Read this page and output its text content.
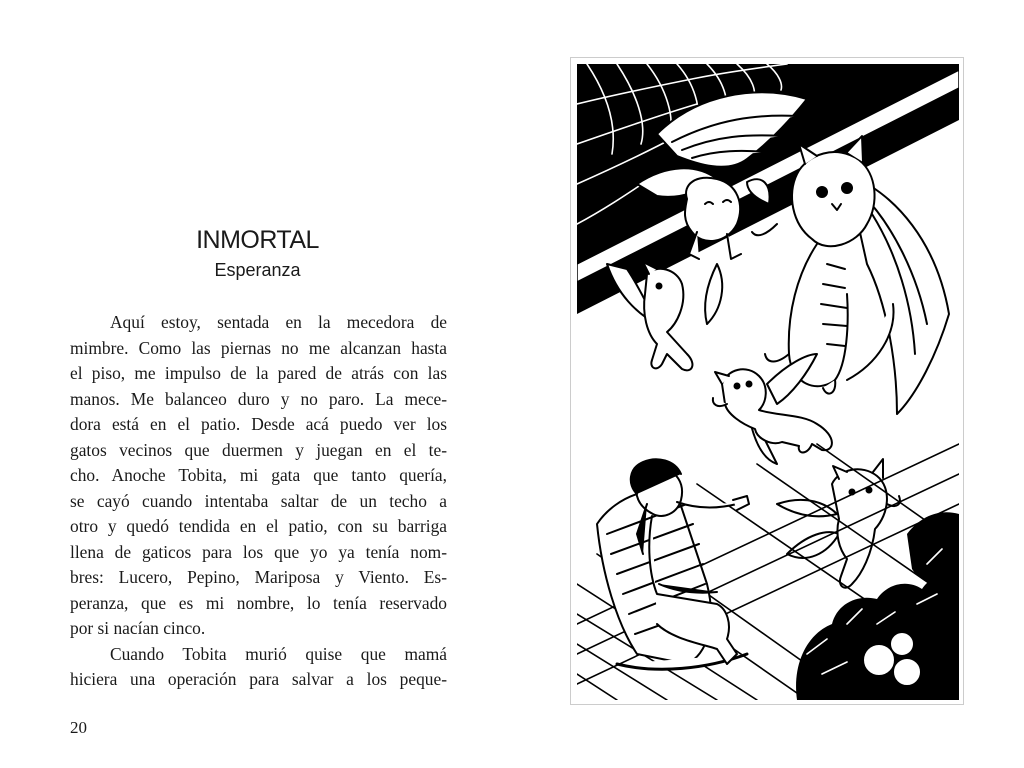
INMORTAL
Esperanza
Aquí estoy, sentada en la mecedora de
mimbre. Como las piernas no me alcanzan hasta
el piso, me impulso de la pared de atrás con las
manos. Me balanceo duro y no paro. La mece-
dora está en el patio. Desde acá puedo ver los
gatos vecinos que duermen y juegan en el te-
cho. Anoche Tobita, mi gata que tanto quería,
se cayó cuando intentaba saltar de un techo a
otro y quedó tendida en el patio, con su barriga
llena de gaticos para los que yo ya tenía nom-
bres: Lucero, Pepino, Mariposa y Viento. Es-
peranza, que es mi nombre, lo tenía reservado
por si nacían cinco.
Cuando Tobita murió quise que mamá
hiciera una operación para salvar a los peque-
20
